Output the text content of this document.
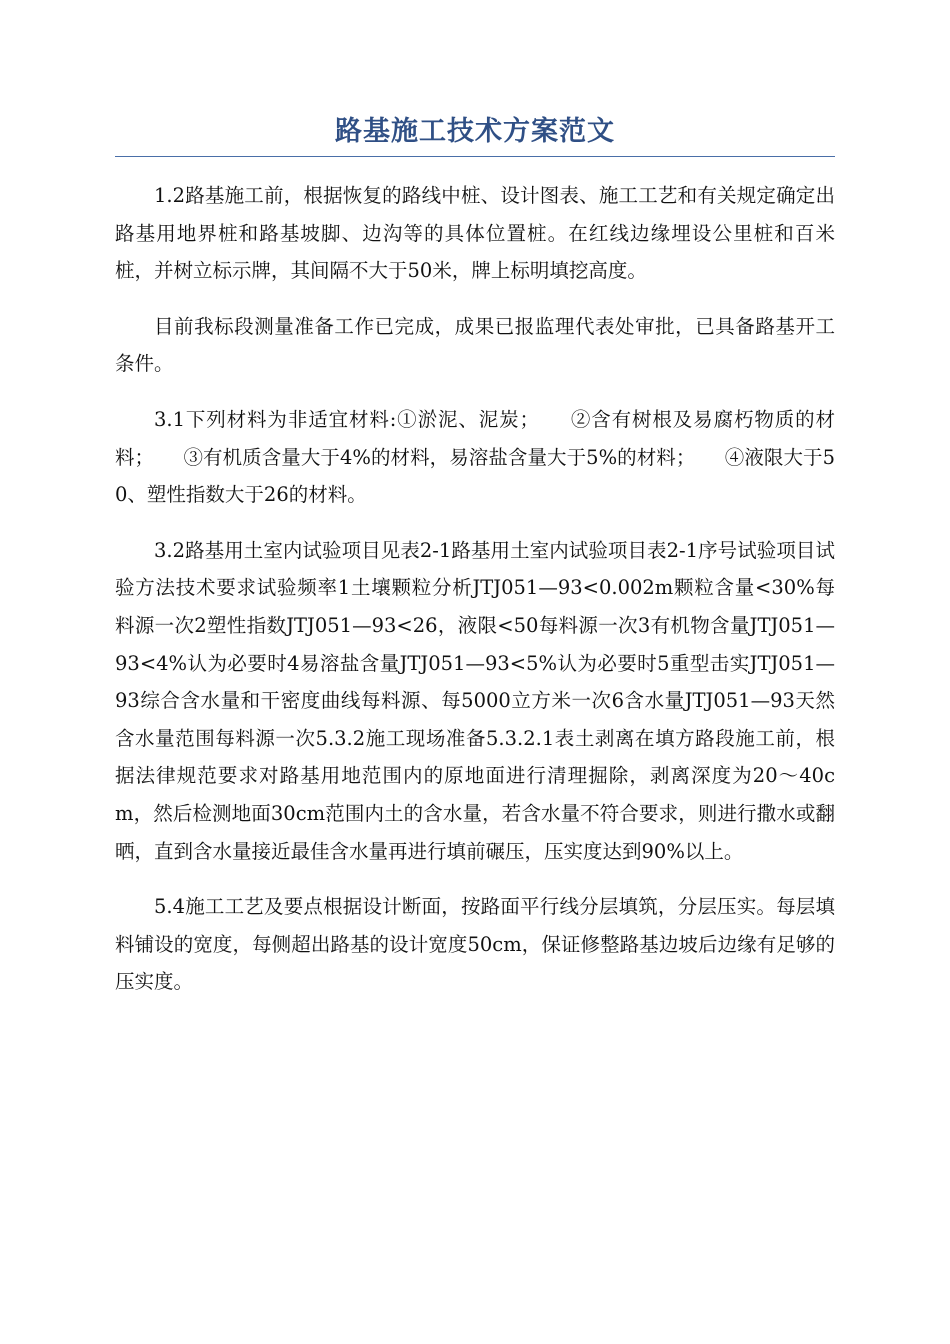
路基施工技术方案范文

1.2路基施工前，根据恢复的路线中桩、设计图表、施工工艺和有关规定确定出路基用地界桩和路基坡脚、边沟等的具体位置桩。在红线边缘埋设公里桩和百米桩，并树立标示牌，其间隔不大于50米，牌上标明填挖高度。

目前我标段测量准备工作已完成，成果已报监理代表处审批，已具备路基开工条件。

3.1下列材料为非适宜材料:①淤泥、泥炭；　　②含有树根及易腐朽物质的材料；　　③有机质含量大于4%的材料，易溶盐含量大于5%的材料；　　④液限大于50、塑性指数大于26的材料。

3.2路基用土室内试验项目见表2-1路基用土室内试验项目表2-1序号试验项目试验方法技术要求试验频率1土壤颗粒分析JTJ051—93<0.002m颗粒含量<30%每料源一次2塑性指数JTJ051—93<26，液限<50每料源一次3有机物含量JTJ051—93<4%认为必要时4易溶盐含量JTJ051—93<5%认为必要时5重型击实JTJ051—93综合含水量和干密度曲线每料源、每5000立方米一次6含水量JTJ051—93天然含水量范围每料源一次5.3.2施工现场准备5.3.2.1表土剥离在填方路段施工前，根据法律规范要求对路基用地范围内的原地面进行清理掘除，剥离深度为20～40cm，然后检测地面30cm范围内土的含水量，若含水量不符合要求，则进行撒水或翻晒，直到含水量接近最佳含水量再进行填前碾压，压实度达到90%以上。

5.4施工工艺及要点根据设计断面，按路面平行线分层填筑，分层压实。每层填料铺设的宽度，每侧超出路基的设计宽度50cm，保证修整路基边坡后边缘有足够的压实度。
